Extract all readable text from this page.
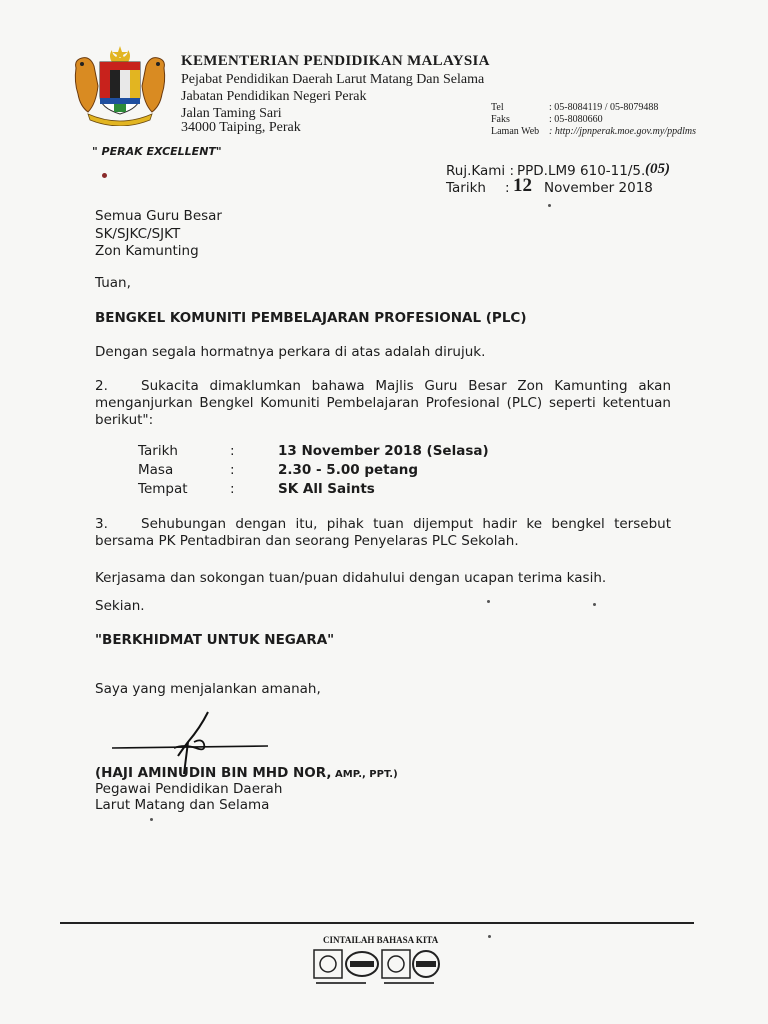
KEMENTERIAN PENDIDIKAN MALAYSIA
Pejabat Pendidikan Daerah Larut Matang Dan Selama
Jabatan Pendidikan Negeri Perak
Jalan Taming Sari
34000 Taiping, Perak
Tel	: 05-8084119 / 05-8079488
Faks	: 05-8080660
Laman Web : http://jpnperak.moe.gov.my/ppdlms
" PERAK EXCELLENT"
Ruj.Kami : PPD.LM9 610-11/5. (05)
Tarikh : 12 November 2018
Semua Guru Besar
SK/SJKC/SJKT
Zon Kamunting
Tuan,
BENGKEL KOMUNITI PEMBELAJARAN PROFESIONAL (PLC)
Dengan segala hormatnya perkara di atas adalah dirujuk.
2. Sukacita dimaklumkan bahawa Majlis Guru Besar Zon Kamunting akan menganjurkan Bengkel Komuniti Pembelajaran Profesional (PLC) seperti ketentuan berikut":
Tarikh	:	13 November 2018 (Selasa)
Masa	:	2.30 - 5.00 petang
Tempat	:	SK All Saints
3. Sehubungan dengan itu, pihak tuan dijemput hadir ke bengkel tersebut bersama PK Pentadbiran dan seorang Penyelaras PLC Sekolah.
Kerjasama dan sokongan tuan/puan didahului dengan ucapan terima kasih.
Sekian.
"BERKHIDMAT UNTUK NEGARA"
Saya yang menjalankan amanah,
(HAJI AMINUDIN BIN MHD NOR, AMP., PPT.)
Pegawai Pendidikan Daerah
Larut Matang dan Selama
CINTAILAH BAHASA KITA
